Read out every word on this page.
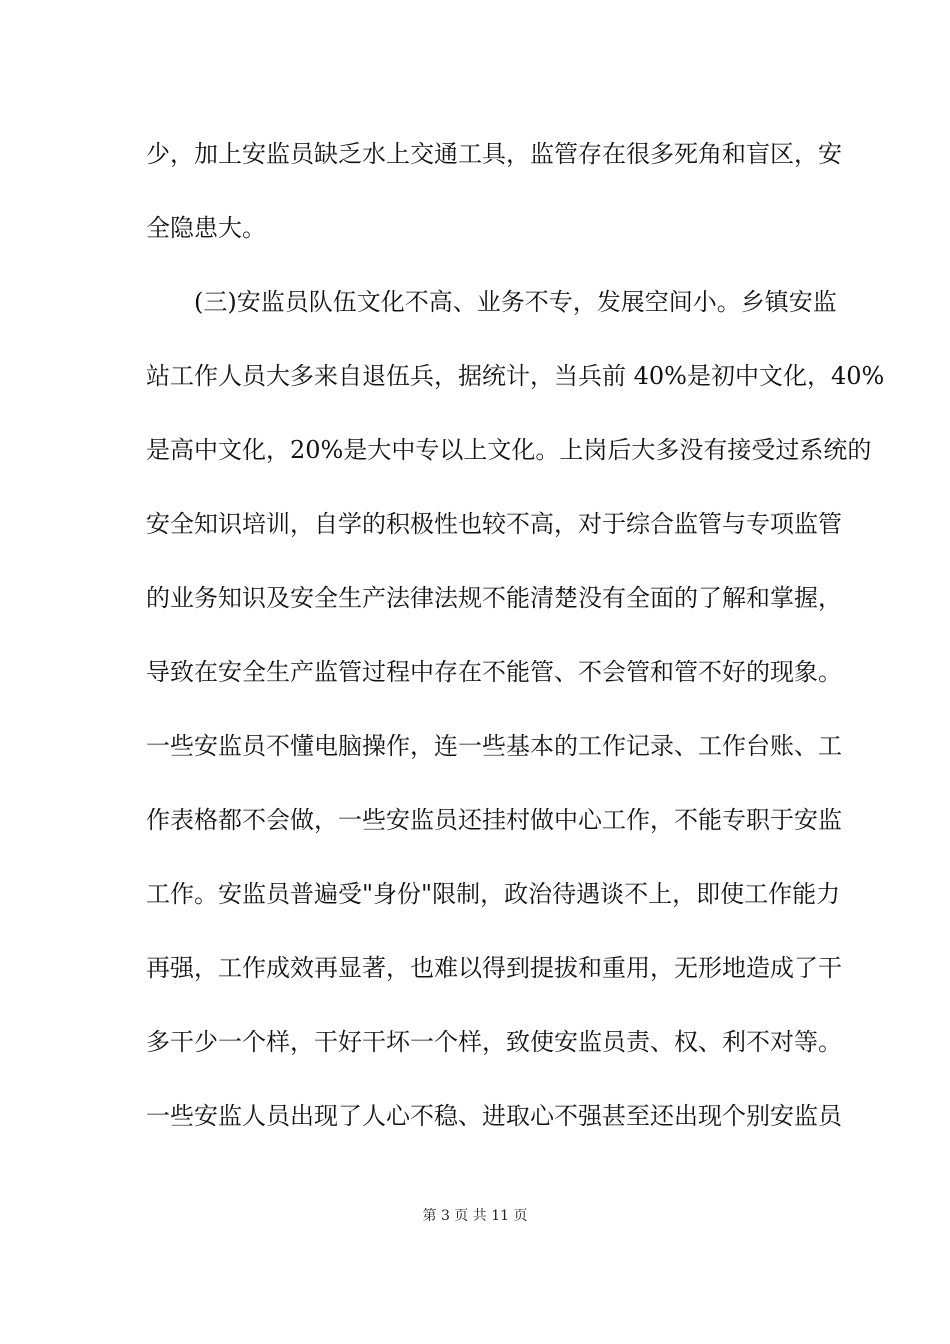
少，加上安监员缺乏水上交通工具，监管存在很多死角和盲区，安
全隐患大。
(三)安监员队伍文化不高、业务不专，发展空间小。乡镇安监
站工作人员大多来自退伍兵，据统计，当兵前 40%是初中文化，40%
是高中文化，20%是大中专以上文化。上岗后大多没有接受过系统的
安全知识培训，自学的积极性也较不高，对于综合监管与专项监管
的业务知识及安全生产法律法规不能清楚没有全面的了解和掌握，
导致在安全生产监管过程中存在不能管、不会管和管不好的现象。
一些安监员不懂电脑操作，连一些基本的工作记录、工作台账、工
作表格都不会做，一些安监员还挂村做中心工作，不能专职于安监
工作。安监员普遍受"身份"限制，政治待遇谈不上，即使工作能力
再强，工作成效再显著，也难以得到提拔和重用，无形地造成了干
多干少一个样，干好干坏一个样，致使安监员责、权、利不对等。
一些安监人员出现了人心不稳、进取心不强甚至还出现个别安监员
第 3 页 共 11 页
